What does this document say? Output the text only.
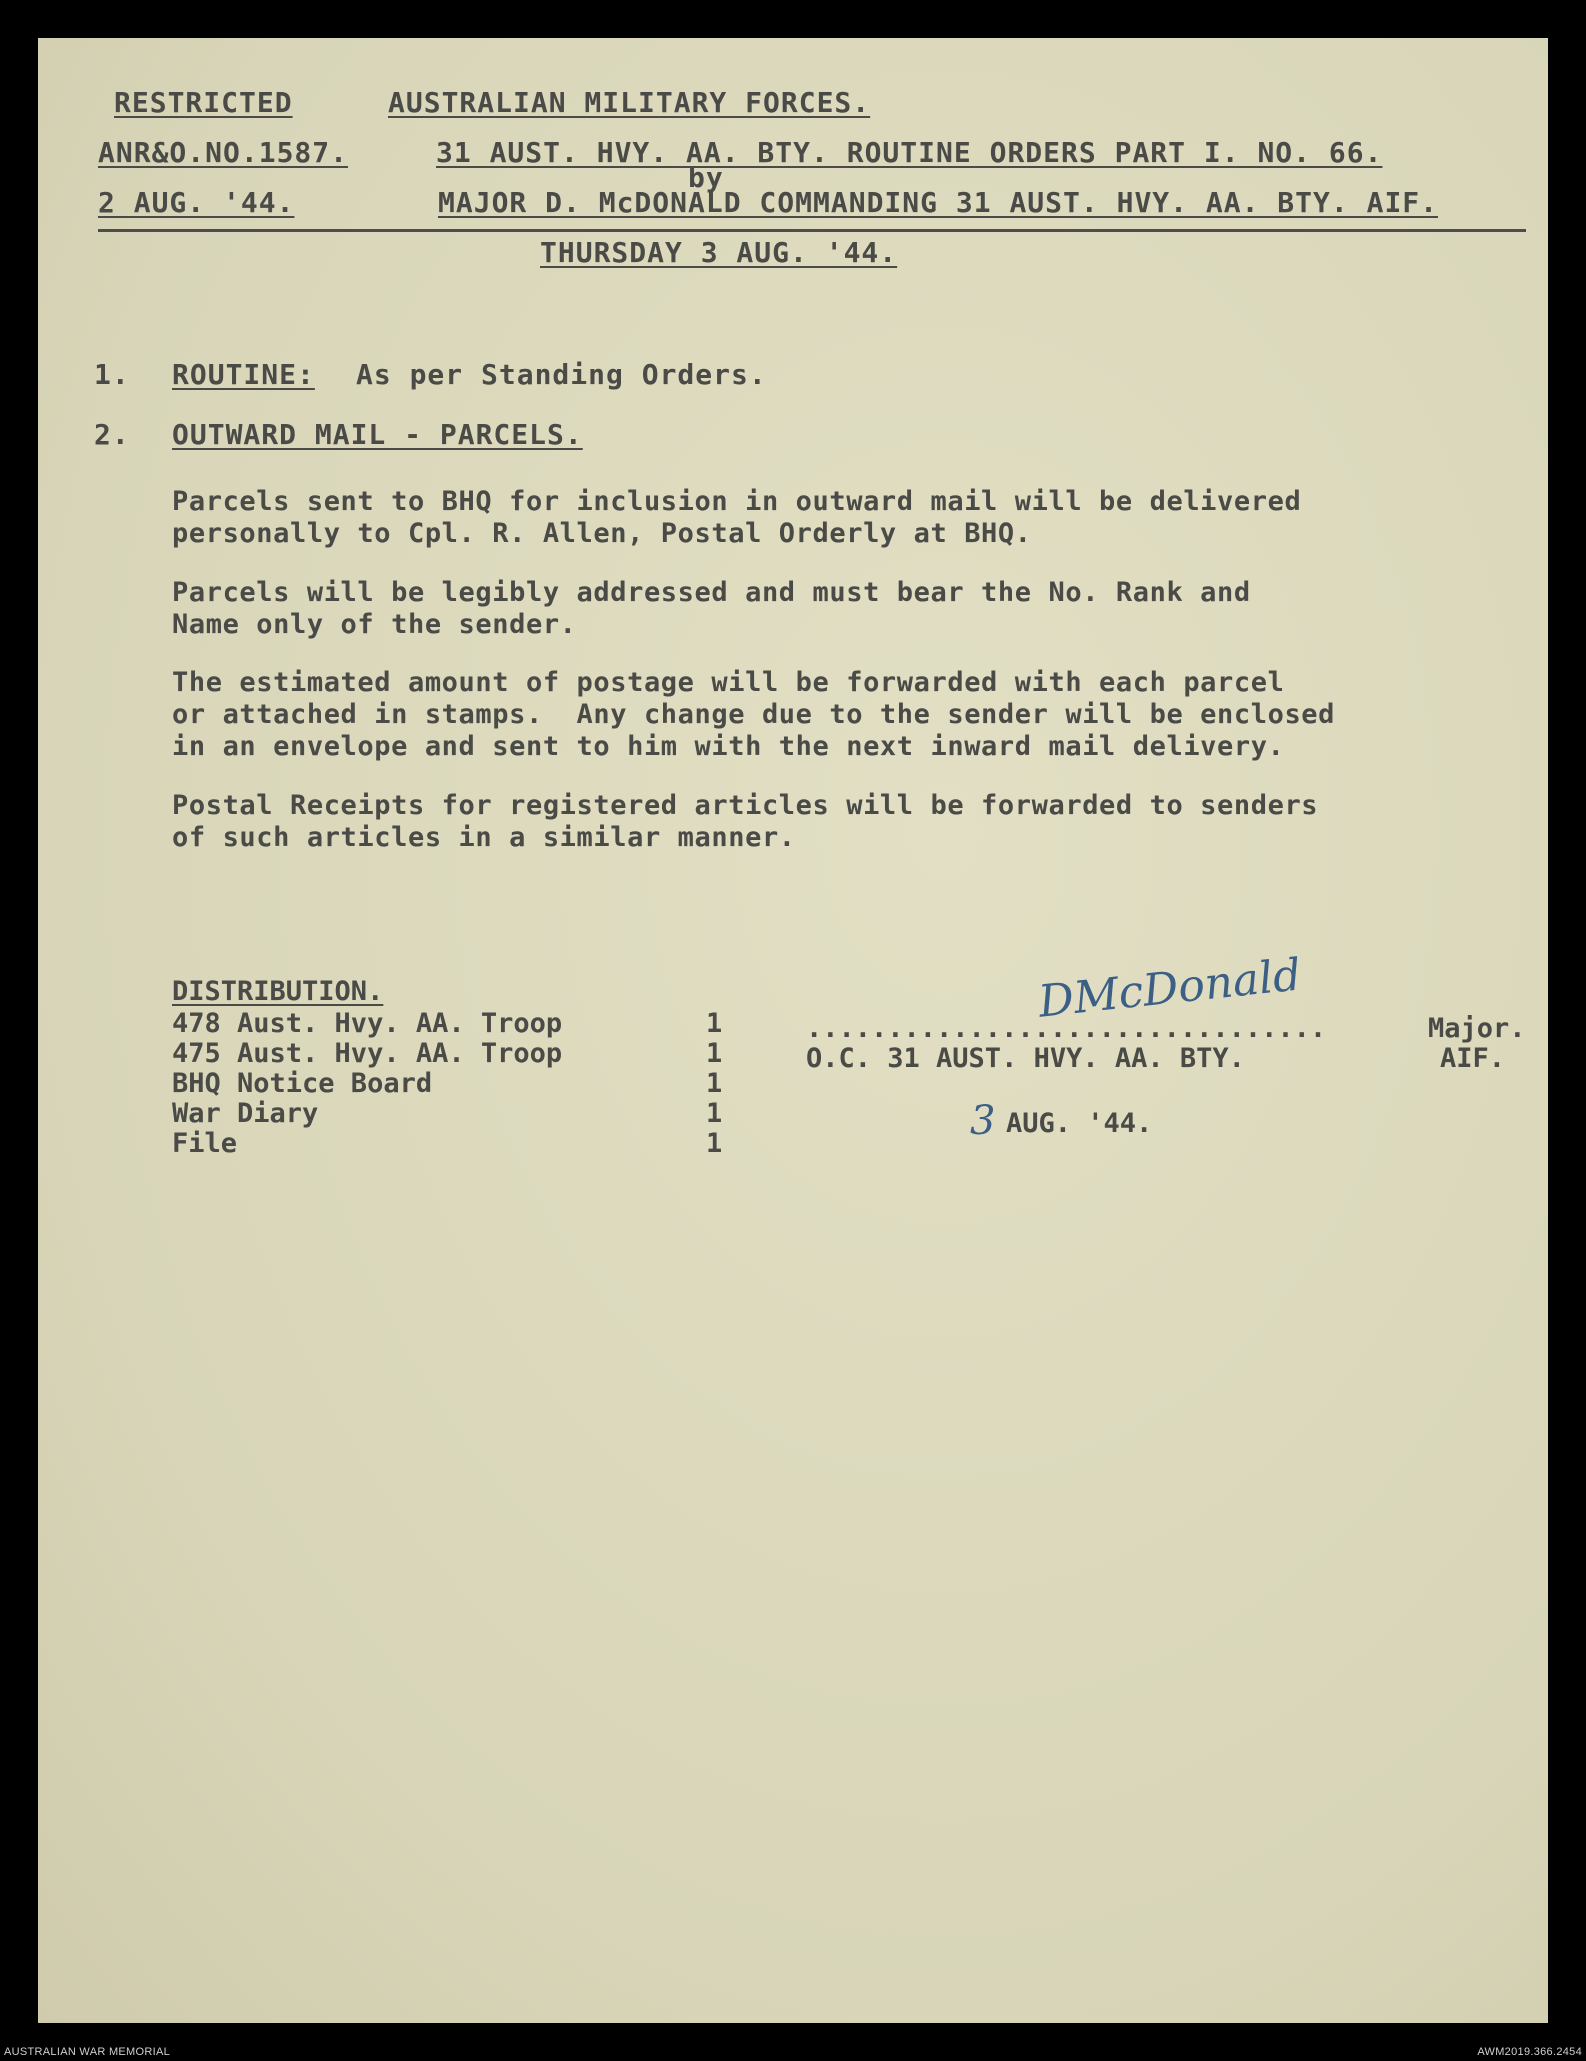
RESTRICTED	AUSTRALIAN MILITARY FORCES.
ANR&O.NO.1587.	31 AUST. HVY. AA. BTY. ROUTINE ORDERS PART I. NO. 66.
by
2 AUG. '44.	MAJOR D. McDONALD COMMANDING 31 AUST. HVY. AA. BTY. AIF.
THURSDAY 3 AUG. '44.
1. ROUTINE: As per Standing Orders.
2. OUTWARD MAIL - PARCELS.
Parcels sent to BHQ for inclusion in outward mail will be delivered
personally to Cpl. R. Allen, Postal Orderly at BHQ.
Parcels will be legibly addressed and must bear the No. Rank and
Name only of the sender.
The estimated amount of postage will be forwarded with each parcel
or attached in stamps.  Any change due to the sender will be enclosed
in an envelope and sent to him with the next inward mail delivery.
Postal Receipts for registered articles will be forwarded to senders
of such articles in a similar manner.
DISTRIBUTION.
478 Aust. Hvy. AA. Troop	1
475 Aust. Hvy. AA. Troop	1
BHQ Notice Board	1
War Diary	1
File	1
DMcDonald
................................	Major.
O.C. 31 AUST. HVY. AA. BTY.	AIF.
3 AUG. '44.
AUSTRALIAN WAR MEMORIAL	AWM2019.366.2454
